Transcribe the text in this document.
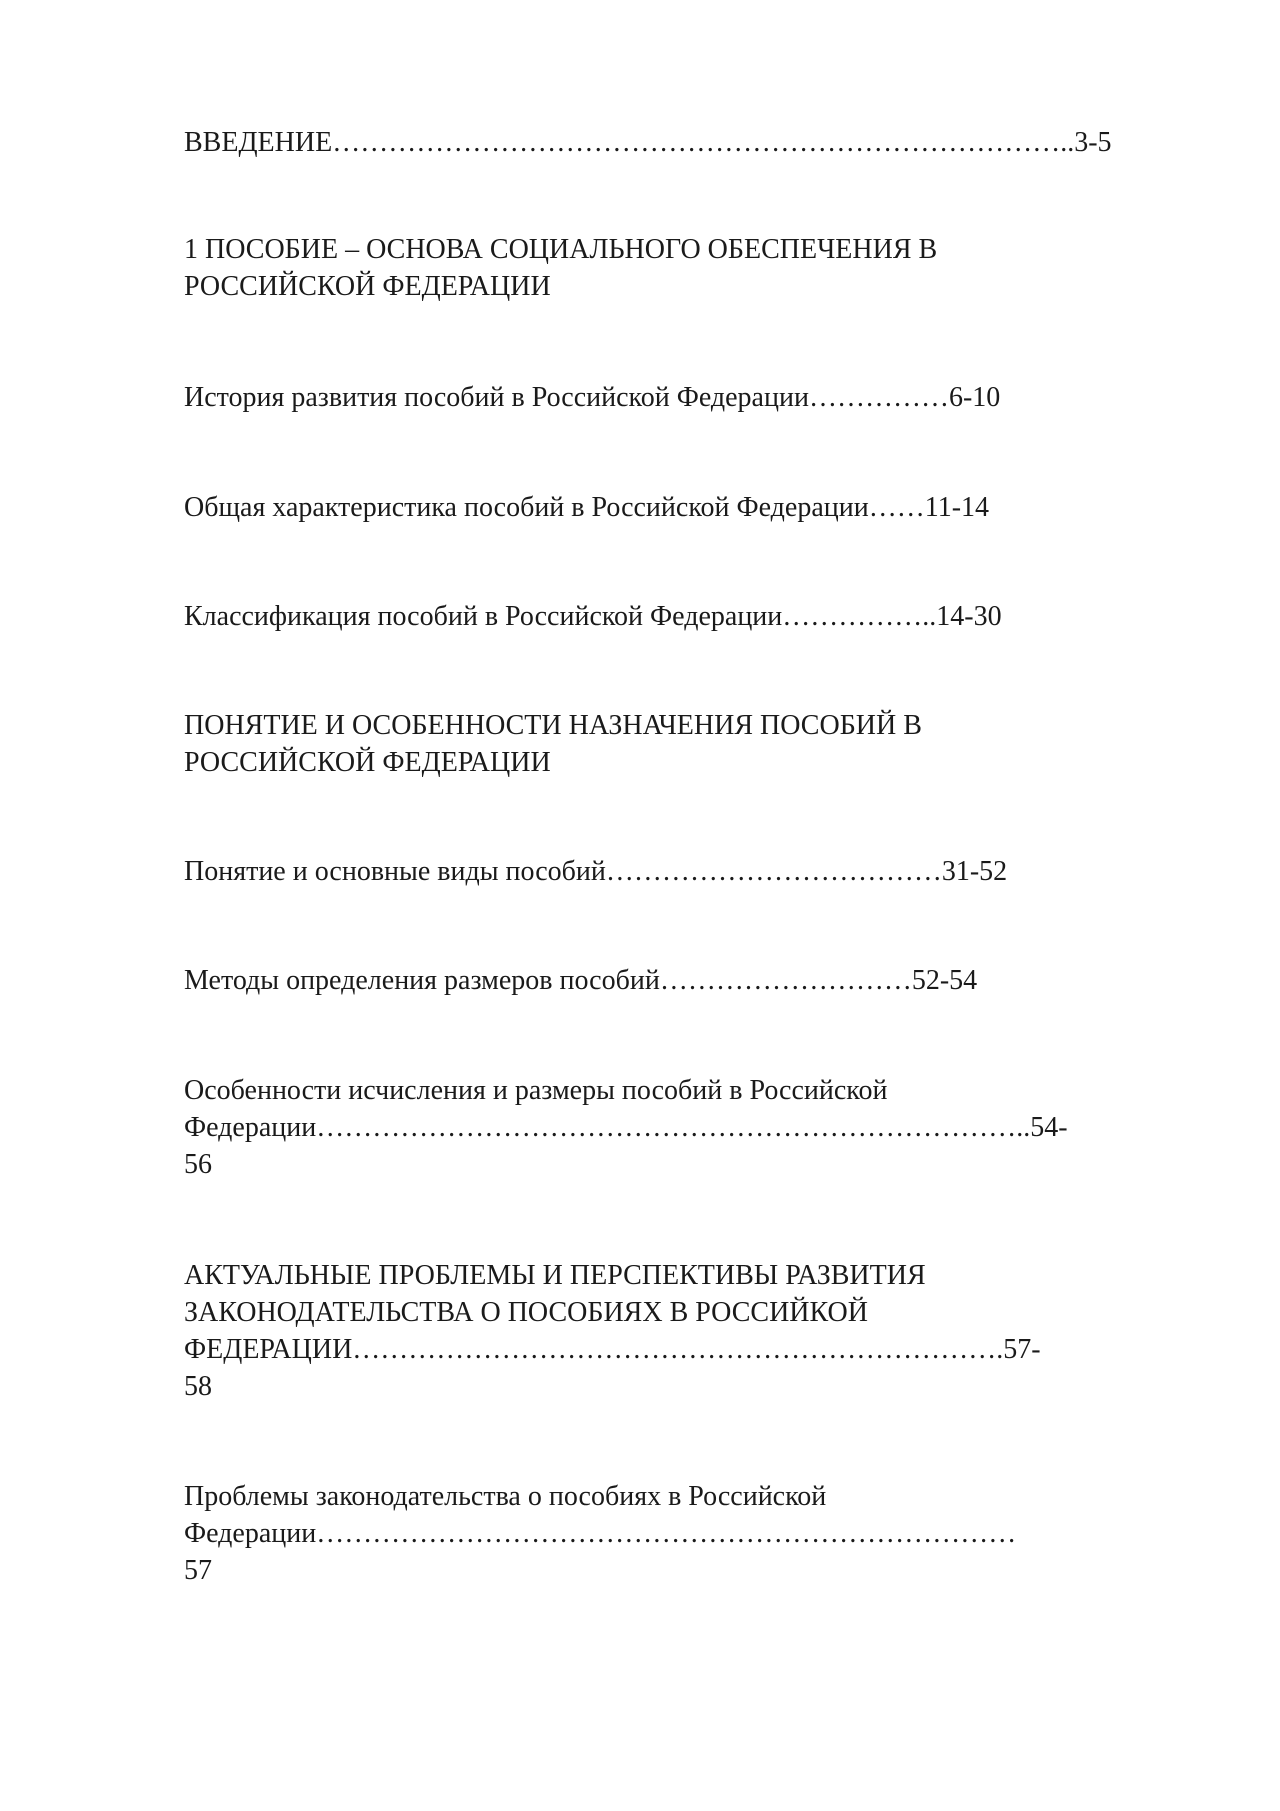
ВВЕДЕНИЕ……………………………………………………………………..3-5

1 ПОСОБИЕ – ОСНОВА СОЦИАЛЬНОГО ОБЕСПЕЧЕНИЯ В

РОССИЙСКОЙ ФЕДЕРАЦИИ

История развития пособий в Российской Федерации……………6-10

Общая характеристика пособий в Российской Федерации……11-14

Классификация пособий в Российской Федерации……………..14-30

ПОНЯТИЕ И ОСОБЕННОСТИ НАЗНАЧЕНИЯ ПОСОБИЙ В

РОССИЙСКОЙ ФЕДЕРАЦИИ

Понятие и основные виды пособий………………………………31-52

Методы определения размеров пособий………………………52-54

Особенности исчисления и размеры пособий в Российской

Федерации…………………………………………………………………..54-

56

АКТУАЛЬНЫЕ ПРОБЛЕМЫ И ПЕРСПЕКТИВЫ РАЗВИТИЯ

ЗАКОНОДАТЕЛЬСТВА О ПОСОБИЯХ В РОССИЙКОЙ

ФЕДЕРАЦИИ…………………………………………………………….57-

58

Проблемы законодательства о пособиях в Российской

Федерации…………………………………………………………………

57
